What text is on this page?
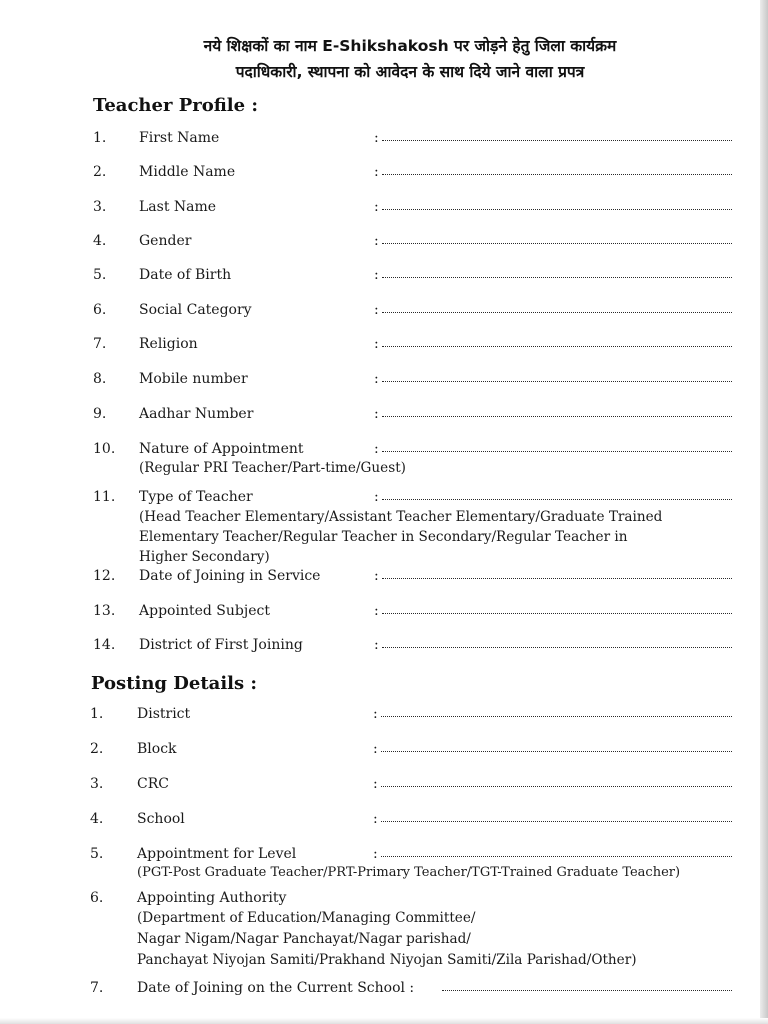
नये शिक्षकों का नाम E-Shikshakosh पर जोड़ने हेतु जिला कार्यक्रम
पदाधिकारी, स्थापना को आवेदन के साथ दिये जाने वाला प्रपत्र
Teacher Profile :
1. First Name	:
2. Middle Name	:
3. Last Name	:
4. Gender	:
5. Date of Birth	:
6. Social Category	:
7. Religion	:
8. Mobile number	:
9. Aadhar Number	:
10. Nature of Appointment	:
(Regular PRI Teacher/Part-time/Guest)
11. Type of Teacher	:
(Head Teacher Elementary/Assistant Teacher Elementary/Graduate Trained
Elementary Teacher/Regular Teacher in Secondary/Regular Teacher in
Higher Secondary)
12. Date of Joining in Service	:
13. Appointed Subject	:
14. District of First Joining	:
Posting Details :
1. District	:
2. Block	:
3. CRC	:
4. School	:
5. Appointment for Level	:
(PGT-Post Graduate Teacher/PRT-Primary Teacher/TGT-Trained Graduate Teacher)
6. Appointing Authority
(Department of Education/Managing Committee/
Nagar Nigam/Nagar Panchayat/Nagar parishad/
Panchayat Niyojan Samiti/Prakhand Niyojan Samiti/Zila Parishad/Other)
7. Date of Joining on the Current School :
